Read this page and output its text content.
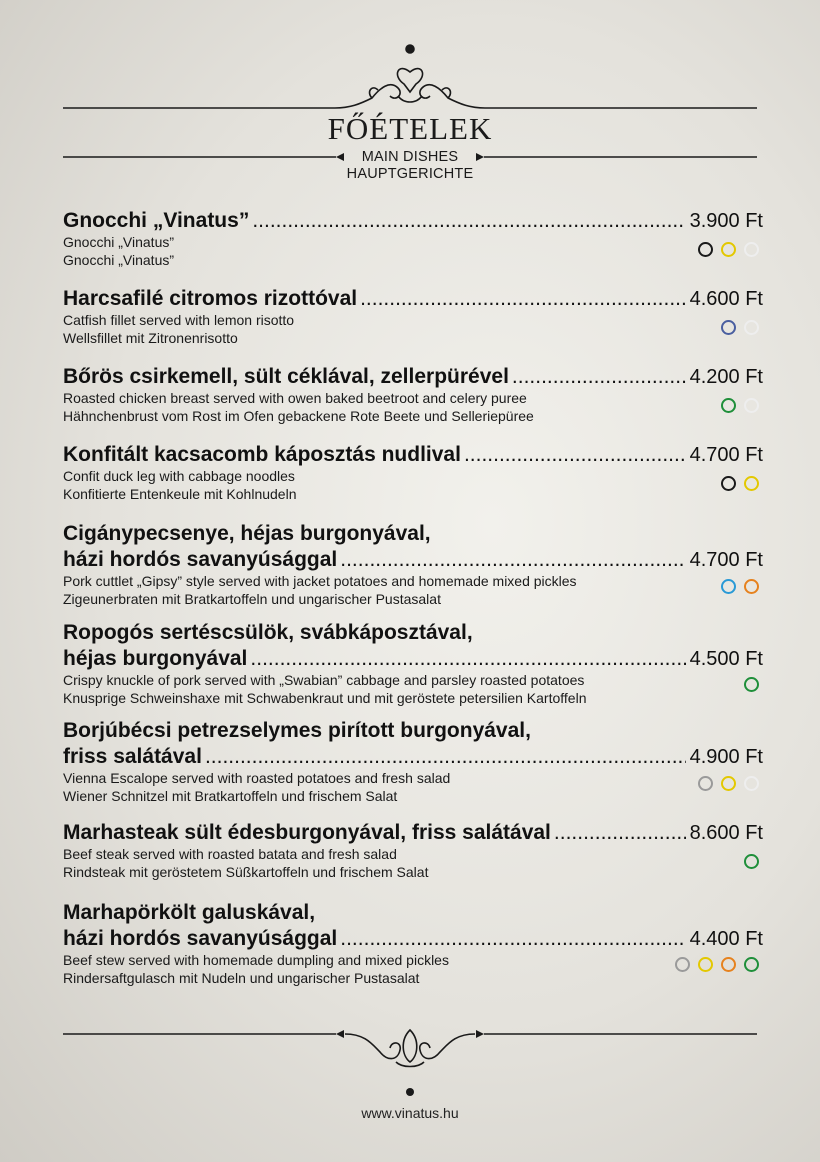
FŐÉTELEK
MAIN DISHES
HAUPTGERICHTE
Gnocchi „Vinatus” .....	3.900 Ft
Gnocchi „Vinatus”
Gnocchi „Vinatus”
Harcsafilé citromos rizottóval .....	4.600 Ft
Catfish fillet served with lemon risotto
Wellsfillet mit Zitronenrisotto
Bőrös csirkemell, sült céklával, zellerpürével .....	4.200 Ft
Roasted chicken breast served with owen baked beetroot and celery puree
Hähnchenbrust vom Rost im Ofen gebackene Rote Beete und Selleriepüree
Konfitált kacsacomb káposztás nudlival .....	4.700 Ft
Confit duck leg with cabbage noodles
Konfitierte Entenkeule mit Kohlnudeln
Cigánypecsenye, héjas burgonyával,
házi hordós savanyúsággal .....	4.700 Ft
Pork cuttlet „Gipsy” style served with jacket potatoes and homemade mixed pickles
Zigeunerbraten mit Bratkartoffeln und ungarischer Pustasalat
Ropogós sertéscsülök, svábkáposztával,
héjas burgonyával .....	4.500 Ft
Crispy knuckle of pork served with „Swabian” cabbage and parsley roasted potatoes
Knusprige Schweinshaxe mit Schwabenkraut und mit geröstete petersilien Kartoffeln
Borjúbécsi petrezselymes pirított burgonyával,
friss salátával .....	4.900 Ft
Vienna Escalope served with roasted potatoes and fresh salad
Wiener Schnitzel mit Bratkartoffeln und frischem Salat
Marhasteak sült édesburgonyával, friss salátával .....	8.600 Ft
Beef steak served with roasted batata and fresh salad
Rindsteak mit geröstetem Süßkartoffeln und frischem Salat
Marhapörkölt galuskával,
házi hordós savanyúsággal .....	4.400 Ft
Beef stew served with homemade dumpling and mixed pickles
Rindersaftgulasch mit Nudeln und ungarischer Pustasalat
www.vinatus.hu
